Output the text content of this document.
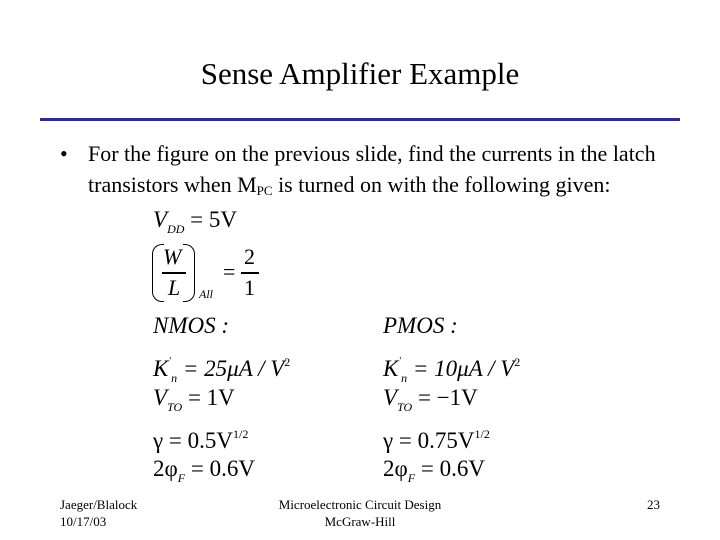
Sense Amplifier Example
• For the figure on the previous slide, find the currents in the latch transistors when $M_{PC}$ is turned on with the following given:
$V_{DD} = 5V$
W
L All
=
2
1
NMOS :
$K'_n = 25\mu A / V^2$
$V_{TO} = 1V$
$\gamma = 0.5V^{1/2}$
$2\varphi_F = 0.6V$
PMOS :
$K'_n = 10\mu A / V^2$
$V_{TO} = -1V$
$\gamma = 0.75V^{1/2}$
$2\varphi_F = 0.6V$
Jaeger/Blalock
10/17/03
Microelectronic Circuit Design
McGraw-Hill
23
